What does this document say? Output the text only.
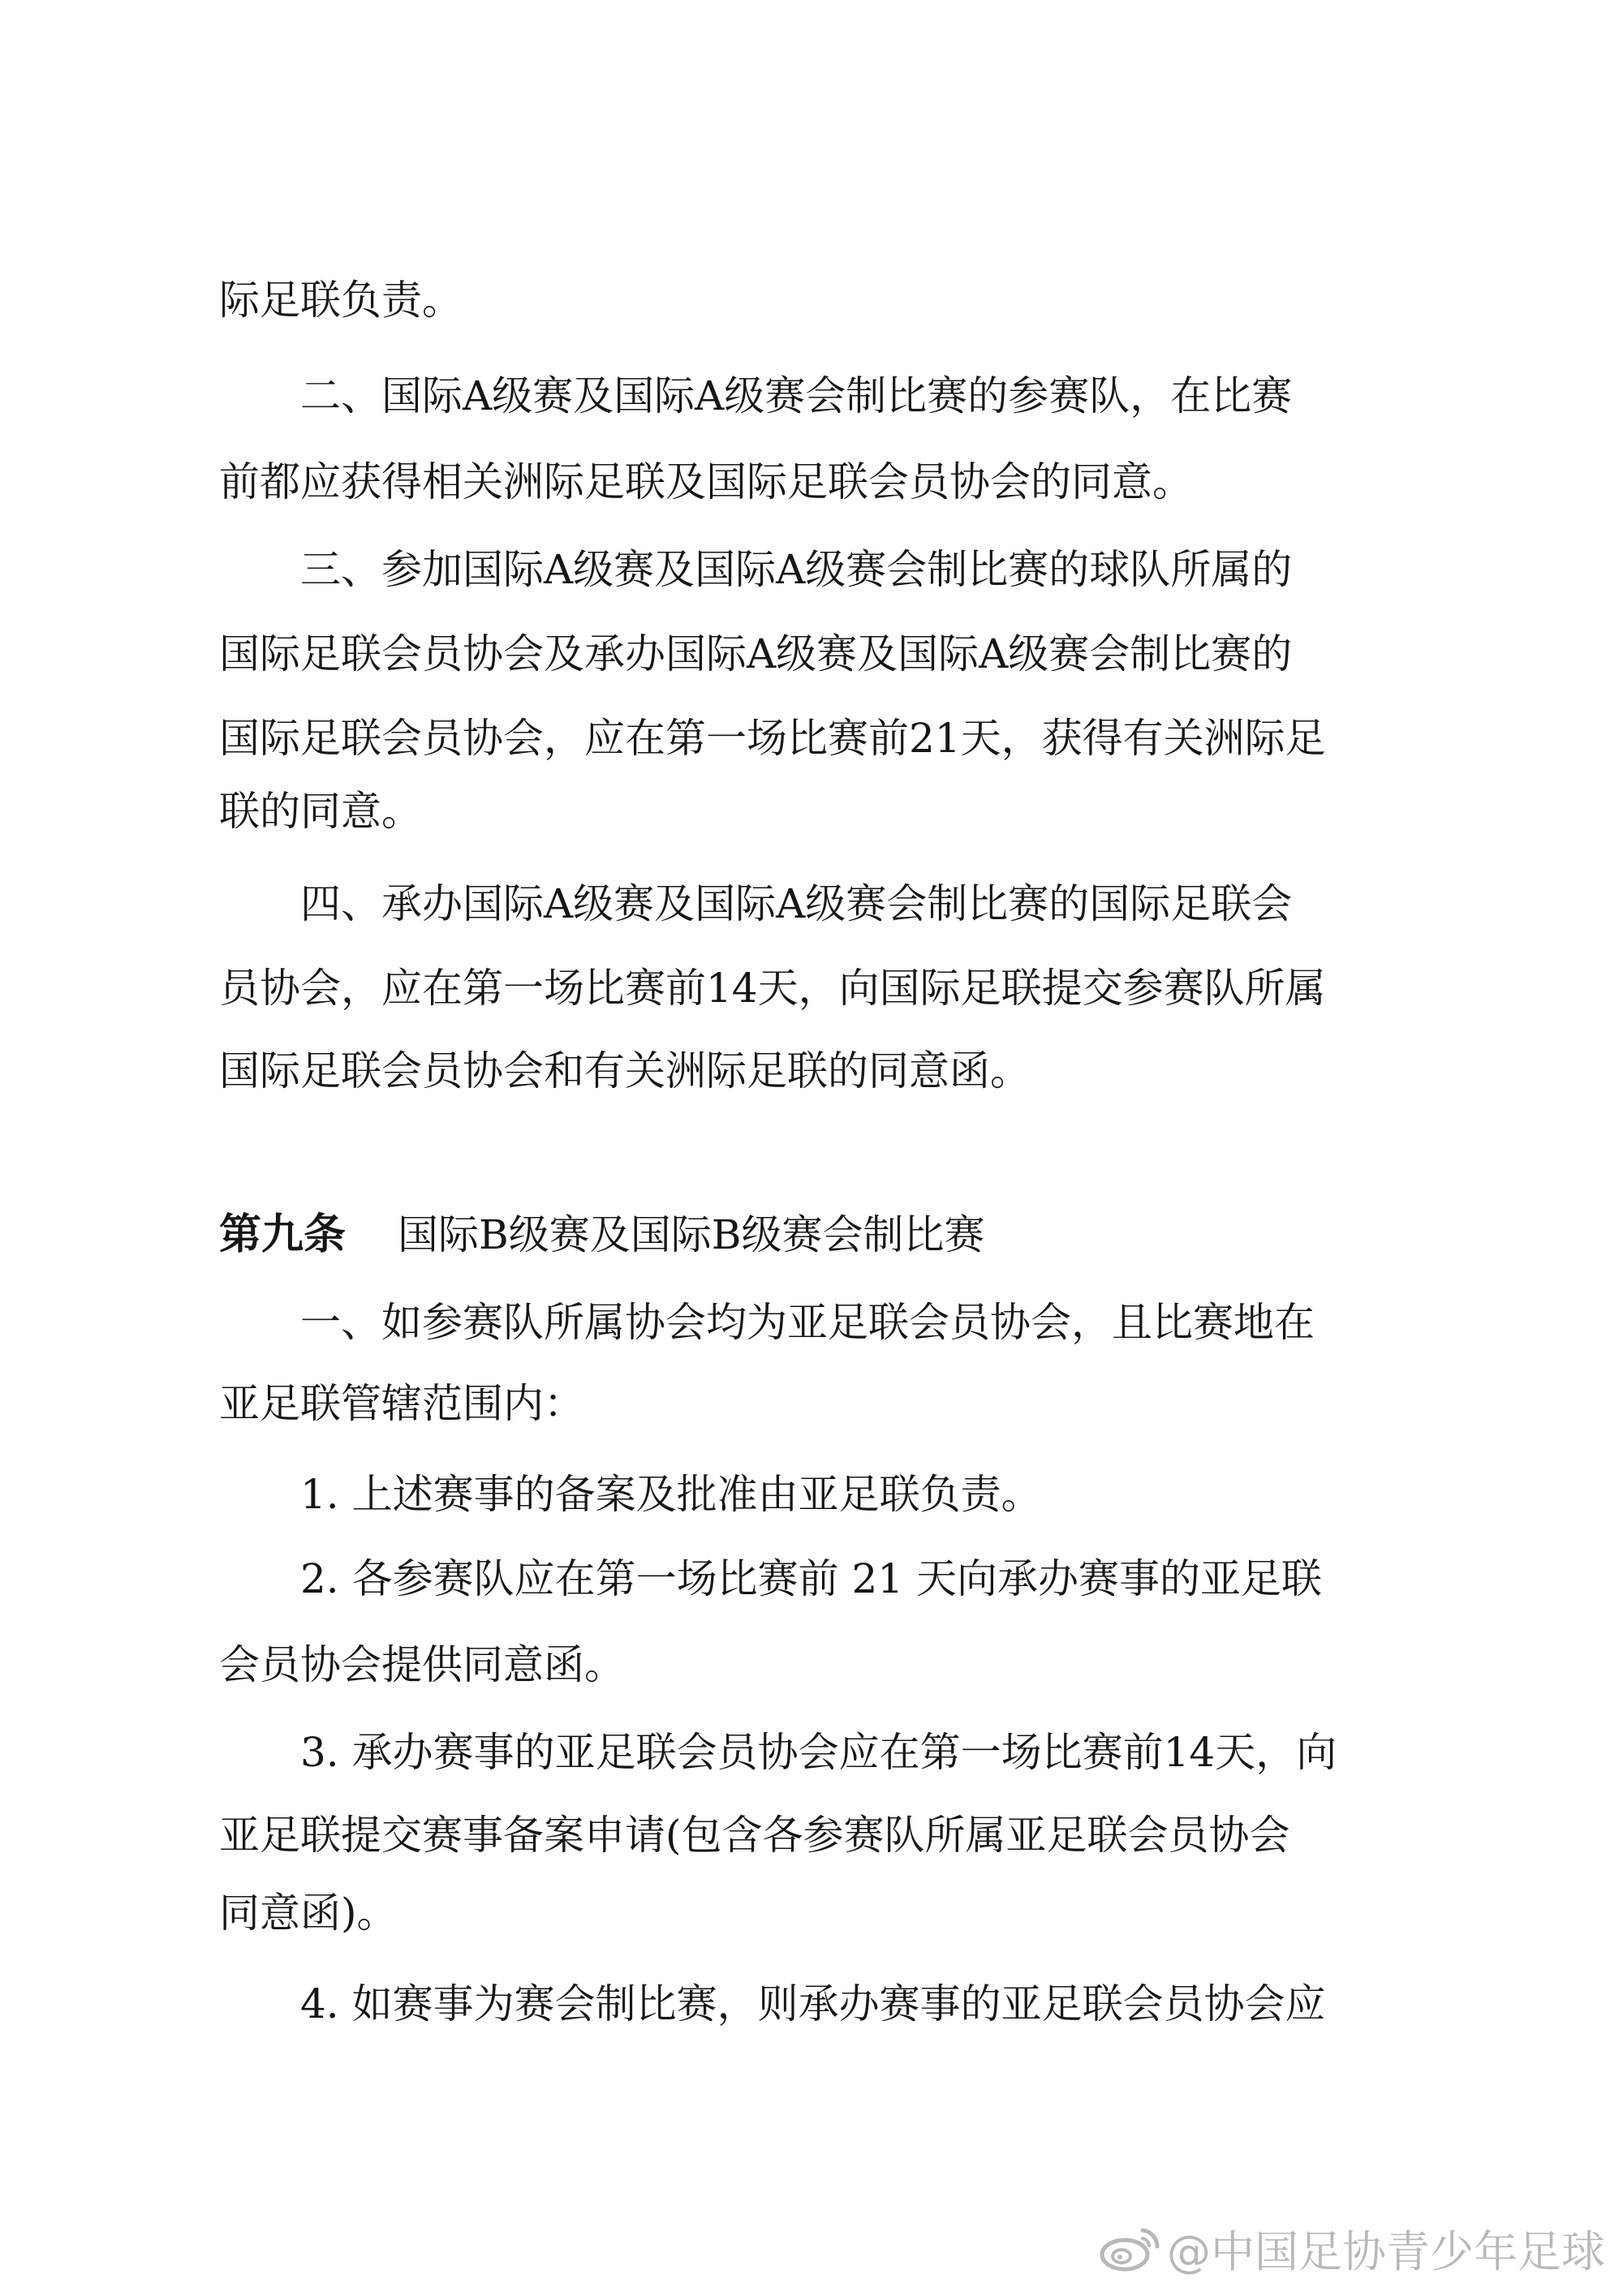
际足联负责。
二、国际A级赛及国际A级赛会制比赛的参赛队，在比赛
前都应获得相关洲际足联及国际足联会员协会的同意。
三、参加国际A级赛及国际A级赛会制比赛的球队所属的
国际足联会员协会及承办国际A级赛及国际A级赛会制比赛的
国际足联会员协会，应在第一场比赛前21天，获得有关洲际足
联的同意。
四、承办国际A级赛及国际A级赛会制比赛的国际足联会
员协会，应在第一场比赛前14天，向国际足联提交参赛队所属
国际足联会员协会和有关洲际足联的同意函。
第九条 国际B级赛及国际B级赛会制比赛
一、如参赛队所属协会均为亚足联会员协会，且比赛地在
亚足联管辖范围内：
1. 上述赛事的备案及批准由亚足联负责。
2. 各参赛队应在第一场比赛前 21 天向承办赛事的亚足联
会员协会提供同意函。
3. 承办赛事的亚足联会员协会应在第一场比赛前14天，向
亚足联提交赛事备案申请(包含各参赛队所属亚足联会员协会
同意函)。
4. 如赛事为赛会制比赛，则承办赛事的亚足联会员协会应
@中国足协青少年足球
